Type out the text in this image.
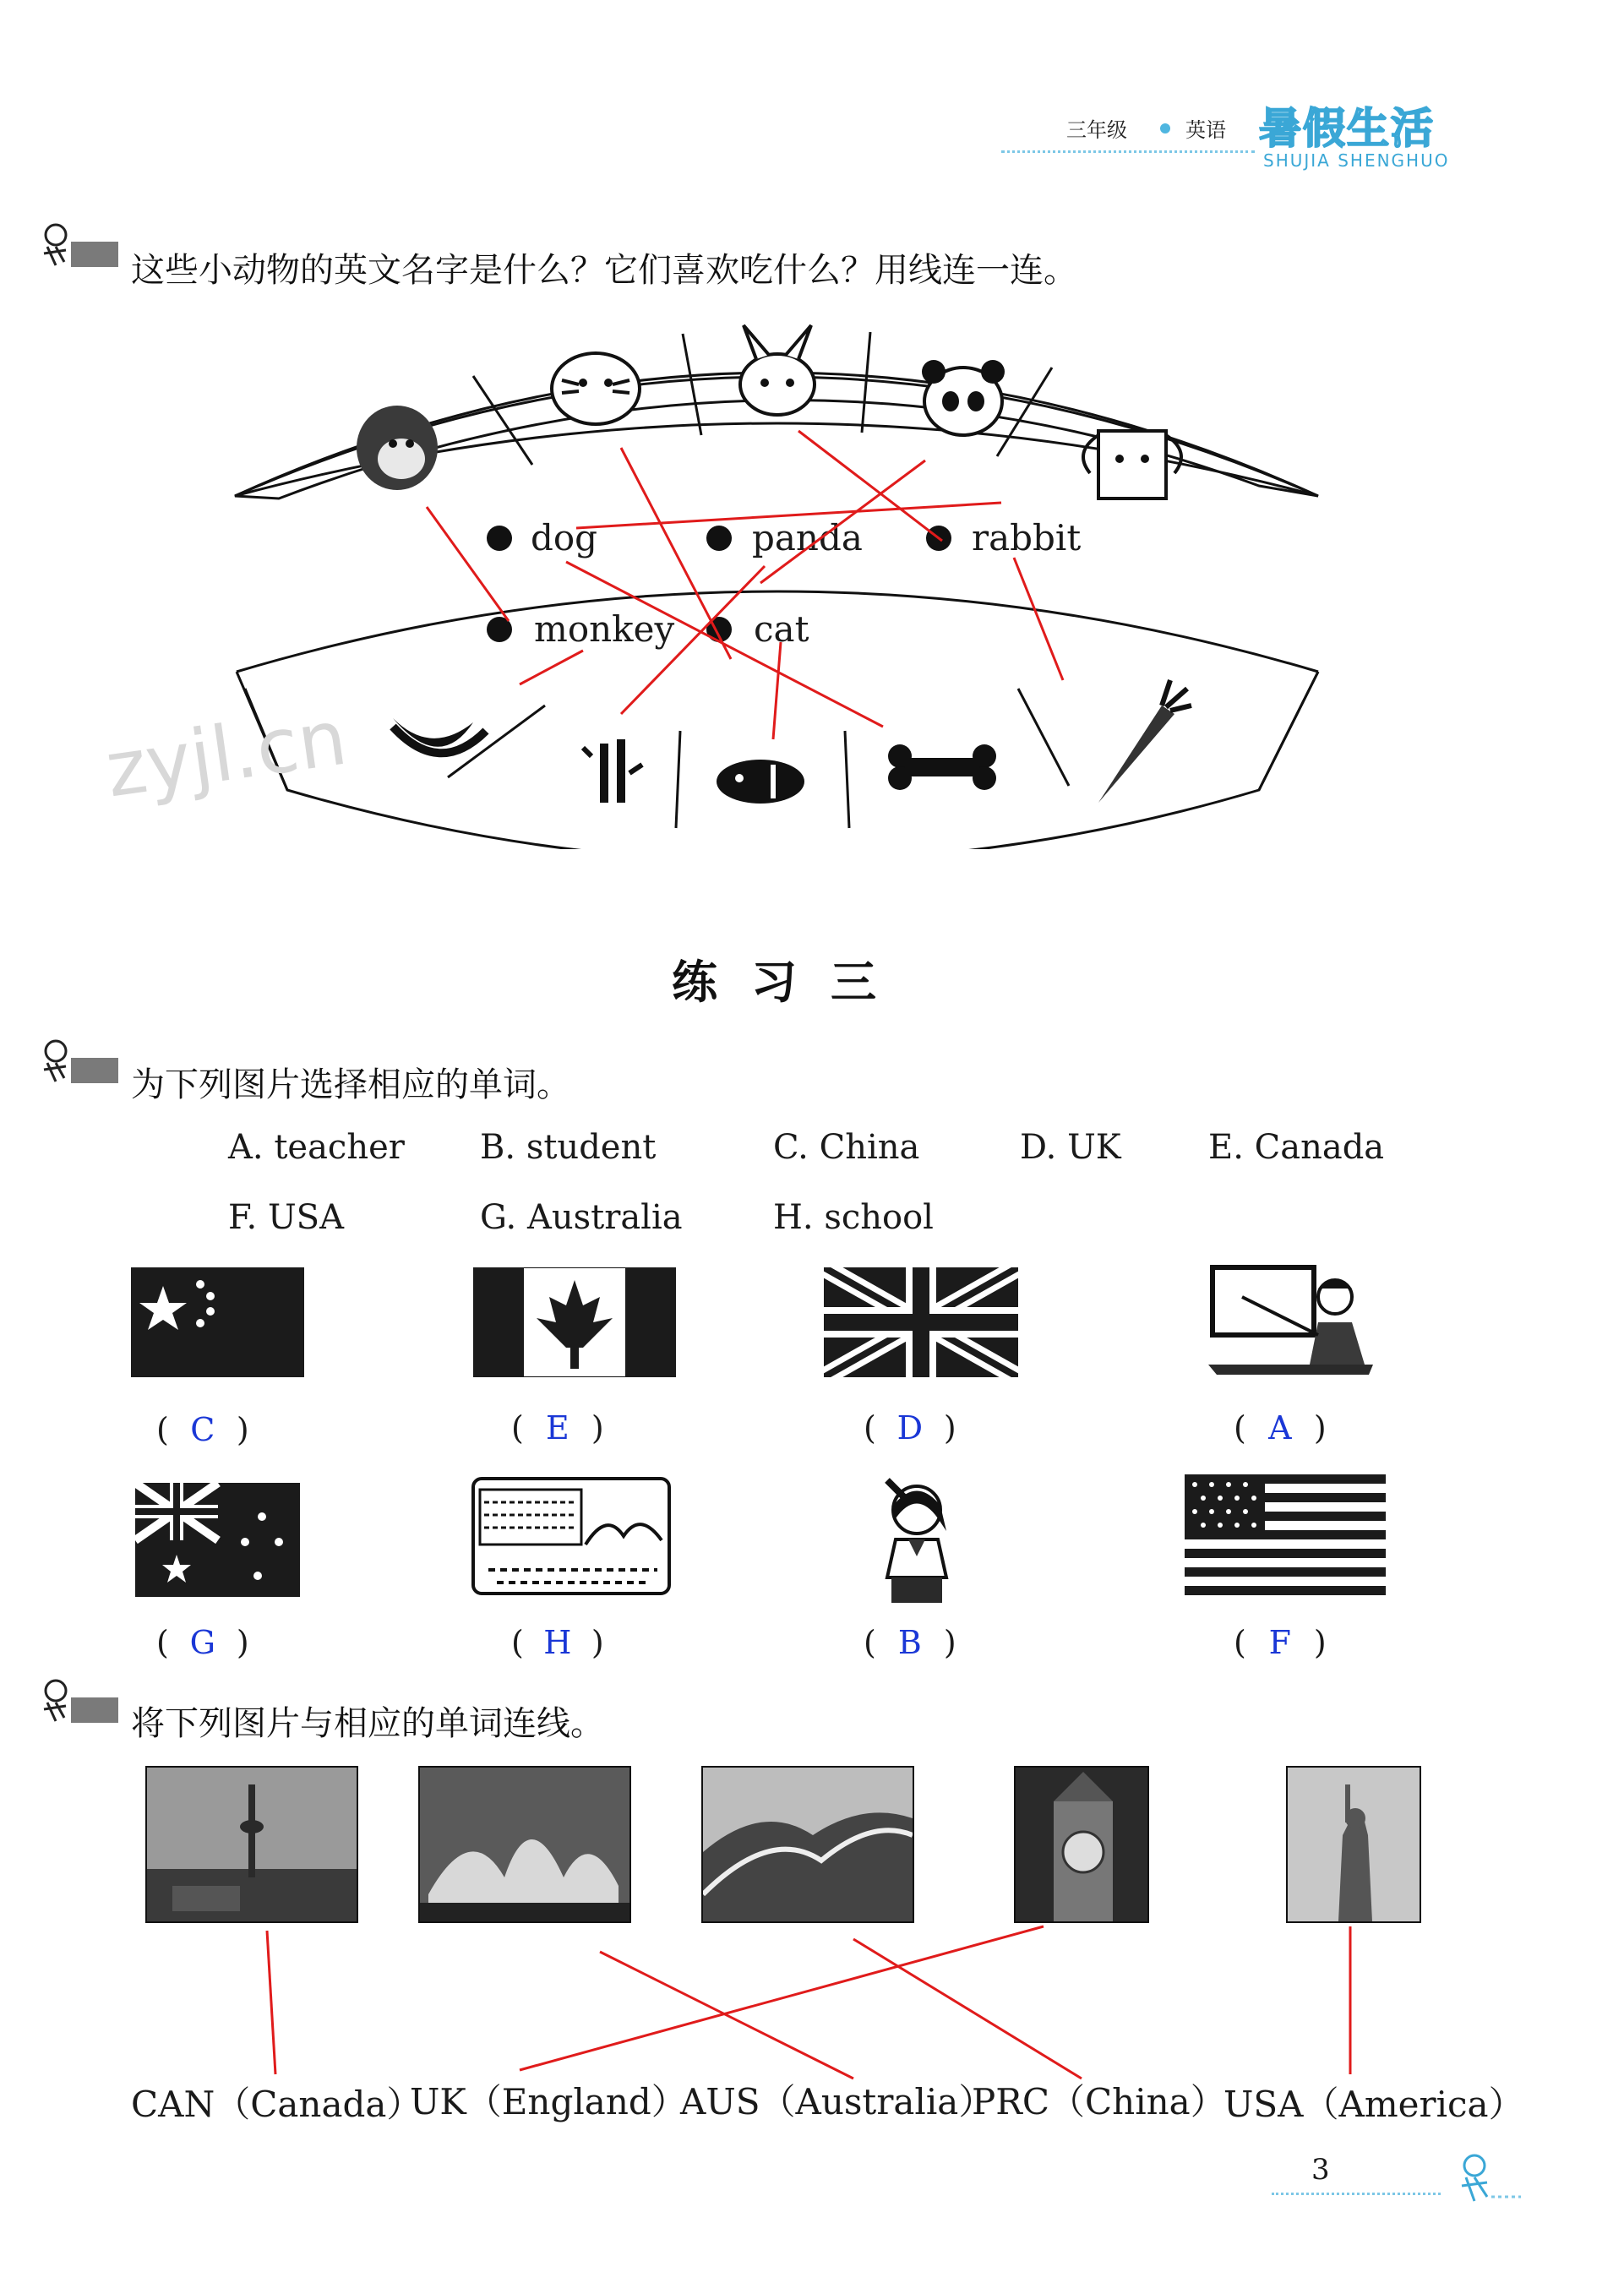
三年级	英语 暑假生活
SHUJIA SHENGHUO
这些小动物的英文名字是什么？它们喜欢吃什么？用线连一连。
dog	panda	rabbit
monkey cat
zyjl.cn
练习三
为下列图片选择相应的单词。
A. teacher B. student	C. China	D. UK	E. Canada
F. USA	G. Australia	H. school
( C )	( E )	( D )	( A )
( G )	( H )	( B )	( F )
将下列图片与相应的单词连线。
CAN（Canada）
UK（England）
AUS（Australia）
PRC（China）
USA（America）
3
